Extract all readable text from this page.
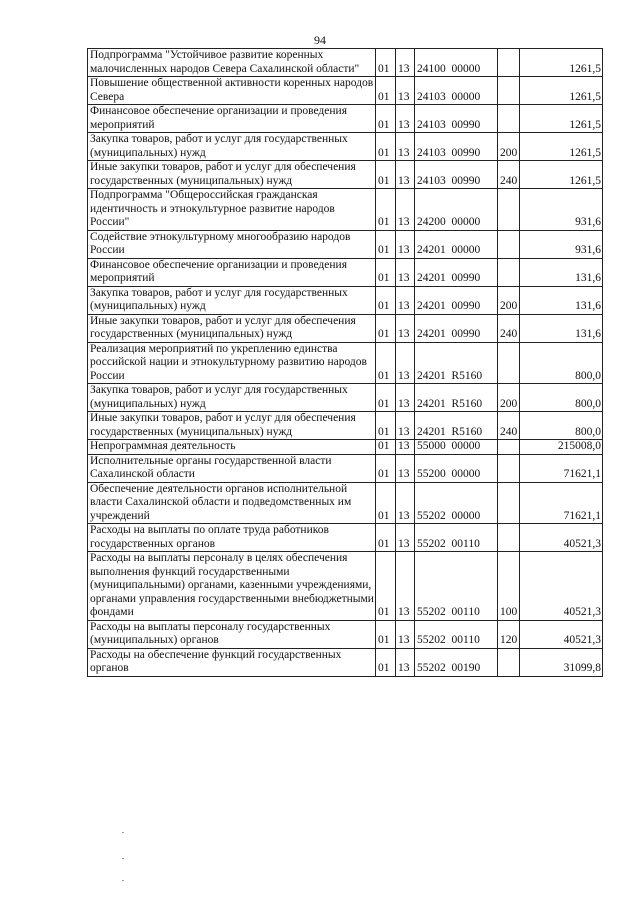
94
Подпрограмма "Устойчивое развитие коренных малочисленных народов Севера Сахалинской области"	01	13	24100  00000		1261,5
Повышение общественной активности коренных народов Севера	01	13	24103  00000		1261,5
Финансовое обеспечение организации и проведения мероприятий	01	13	24103  00990		1261,5
Закупка товаров, работ и услуг для государственных (муниципальных) нужд	01	13	24103  00990	200	1261,5
Иные закупки товаров, работ и услуг для обеспечения государственных (муниципальных) нужд	01	13	24103  00990	240	1261,5
Подпрограмма "Общероссийская гражданская идентичность и этнокультурное развитие народов России"	01	13	24200  00000		931,6
Содействие этнокультурному многообразию народов России	01	13	24201  00000		931,6
Финансовое обеспечение организации и проведения мероприятий	01	13	24201  00990		131,6
Закупка товаров, работ и услуг для государственных (муниципальных) нужд	01	13	24201  00990	200	131,6
Иные закупки товаров, работ и услуг для обеспечения государственных (муниципальных) нужд	01	13	24201  00990	240	131,6
Реализация мероприятий по укреплению единства российской нации и этнокультурному развитию народов России	01	13	24201  R5160		800,0
Закупка товаров, работ и услуг для государственных (муниципальных) нужд	01	13	24201  R5160	200	800,0
Иные закупки товаров, работ и услуг для обеспечения государственных (муниципальных) нужд	01	13	24201  R5160	240	800,0
Непрограммная деятельность	01	13	55000  00000		215008,0
Исполнительные органы государственной власти Сахалинской области	01	13	55200  00000		71621,1
Обеспечение деятельности органов исполнительной власти Сахалинской области и подведомственных им учреждений	01	13	55202  00000		71621,1
Расходы на выплаты по оплате труда работников государственных органов	01	13	55202  00110		40521,3
Расходы на выплаты персоналу в целях обеспечения выполнения функций государственными (муниципальными) органами, казенными учреждениями, органами управления государственными внебюджетными фондами	01	13	55202  00110	100	40521,3
Расходы на выплаты персоналу государственных (муниципальных) органов	01	13	55202  00110	120	40521,3
Расходы на обеспечение функций государственных органов	01	13	55202  00190		31099,8
